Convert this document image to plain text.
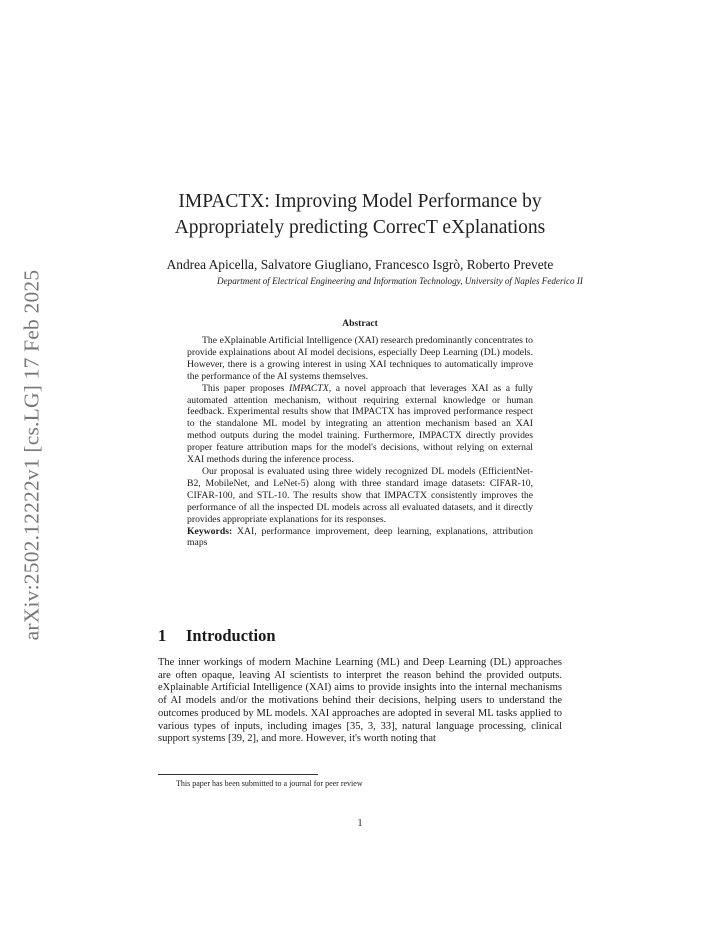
arXiv:2502.12222v1 [cs.LG] 17 Feb 2025
IMPACTX: Improving Model Performance by
Appropriately predicting CorrecT eXplanations
Andrea Apicella, Salvatore Giugliano, Francesco Isgrò, Roberto Prevete
Department of Electrical Engineering and Information Technology, University of Naples Federico II
Abstract

The eXplainable Artificial Intelligence (XAI) research predominantly concentrates to provide explainations about AI model decisions, especially Deep Learning (DL) models. However, there is a growing interest in using XAI techniques to automatically improve the performance of the AI systems themselves.

This paper proposes IMPACTX, a novel approach that leverages XAI as a fully automated attention mechanism, without requiring external knowledge or human feedback. Experimental results show that IMPACTX has improved performance respect to the standalone ML model by integrating an attention mechanism based an XAI method outputs during the model training. Furthermore, IMPACTX directly provides proper feature attribution maps for the model's decisions, without relying on external XAI methods during the inference process.

Our proposal is evaluated using three widely recognized DL models (EfficientNet-B2, MobileNet, and LeNet-5) along with three standard image datasets: CIFAR-10, CIFAR-100, and STL-10. The results show that IMPACTX consistently improves the performance of all the inspected DL models across all evaluated datasets, and it directly provides appropriate explanations for its responses.

Keywords: XAI, performance improvement, deep learning, explanations, attribution maps

1 Introduction

The inner workings of modern Machine Learning (ML) and Deep Learning (DL) approaches are often opaque, leaving AI scientists to interpret the reason behind the provided outputs. eXplainable Artificial Intelligence (XAI) aims to provide insights into the internal mechanisms of AI models and/or the motivations behind their decisions, helping users to understand the outcomes produced by ML models. XAI approaches are adopted in several ML tasks applied to various types of inputs, including images [35, 3, 33], natural language processing, clinical support systems [39, 2], and more. However, it's worth noting that

This paper has been submitted to a journal for peer review
1
